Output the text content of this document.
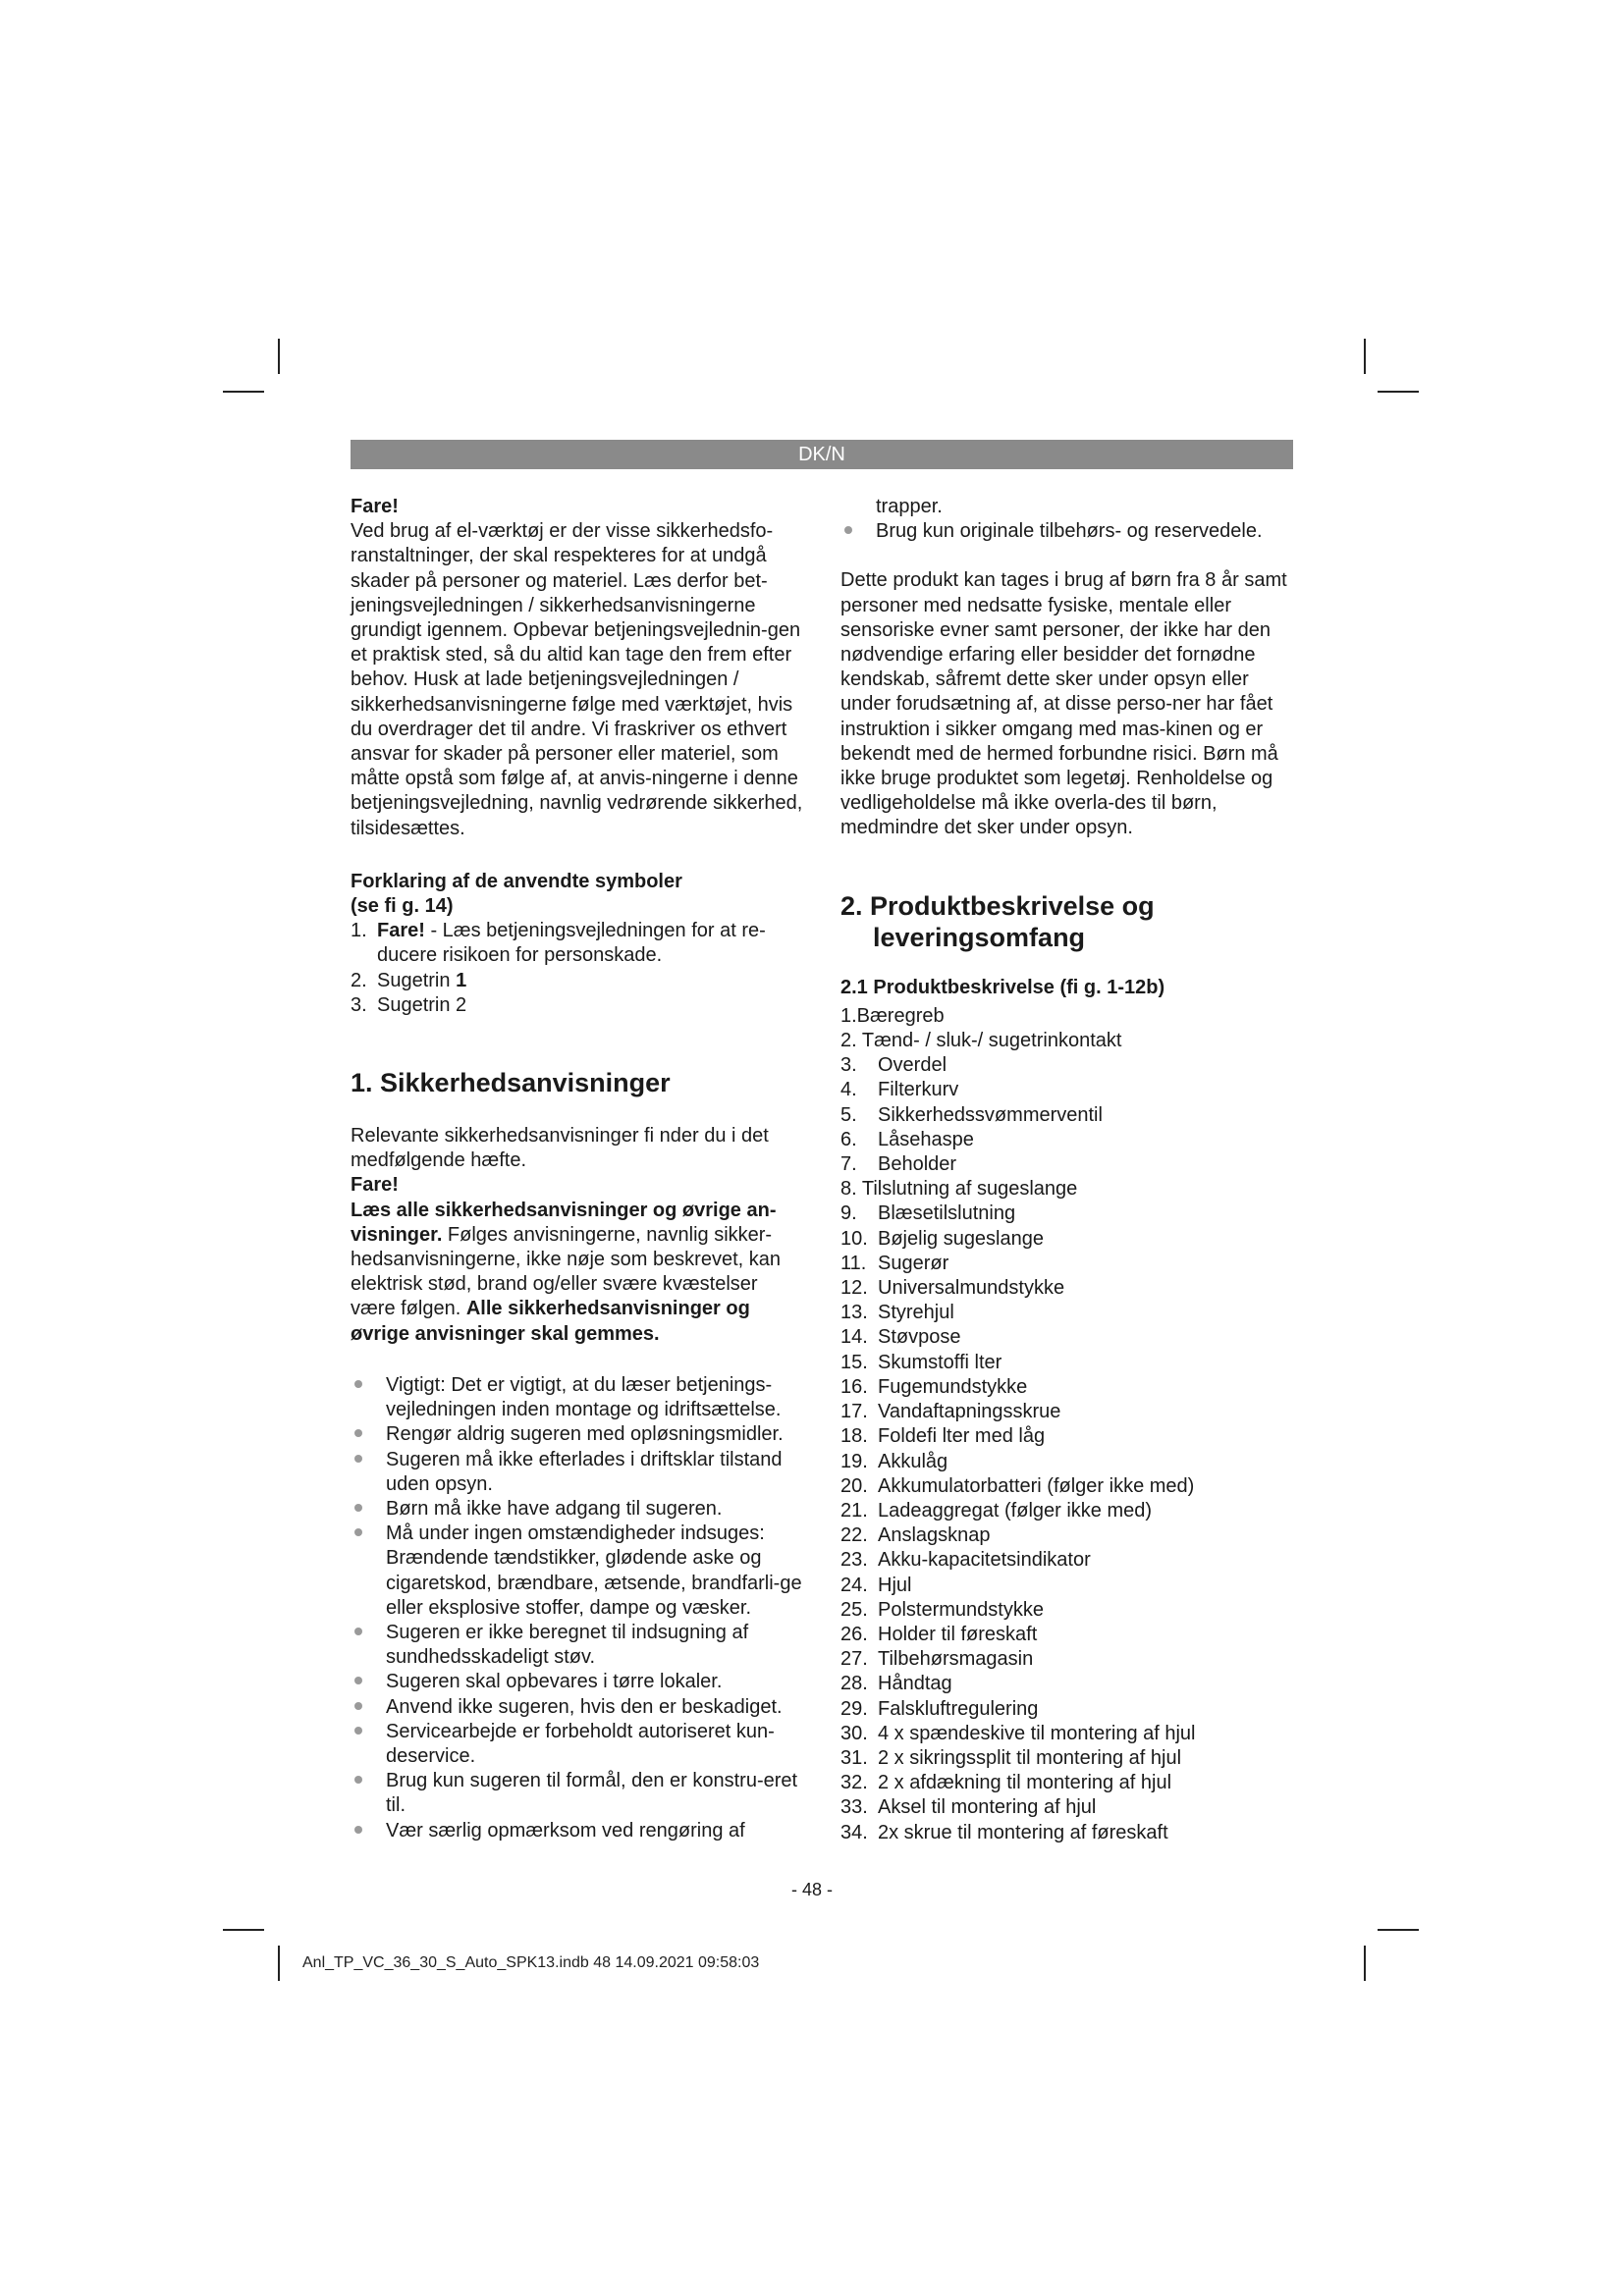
DK/N

Fare!

Ved brug af el-værktøj er der visse sikkerhedsfo-ranstaltninger, der skal respekteres for at undgå skader på personer og materiel. Læs derfor bet-jeningsvejledningen / sikkerhedsanvisningerne grundigt igennem. Opbevar betjeningsvejlednin-gen et praktisk sted, så du altid kan tage den frem efter behov. Husk at lade betjeningsvejledningen / sikkerhedsanvisningerne følge med værktøjet, hvis du overdrager det til andre. Vi fraskriver os ethvert ansvar for skader på personer eller materiel, som måtte opstå som følge af, at anvis-ningerne i denne betjeningsvejledning, navnlig vedrørende sikkerhed, tilsidesættes.

Forklaring af de anvendte symboler
(se fi g. 14)

1. Fare! - Læs betjeningsvejledningen for at re-ducere risikoen for personskade.
2. Sugetrin 1
3. Sugetrin 2
1. Sikkerhedsanvisninger

Relevante sikkerhedsanvisninger fi nder du i det medfølgende hæfte.

Fare!

Læs alle sikkerhedsanvisninger og øvrige an-visninger. Følges anvisningerne, navnlig sikker-hedsanvisningerne, ikke nøje som beskrevet, kan elektrisk stød, brand og/eller svære kvæstelser være følgen. Alle sikkerhedsanvisninger og øvrige anvisninger skal gemmes.

Vigtigt: Det er vigtigt, at du læser betjenings-vejledningen inden montage og idriftsættelse.
Rengør aldrig sugeren med opløsningsmidler.
Sugeren må ikke efterlades i driftsklar tilstand uden opsyn.
Børn må ikke have adgang til sugeren.
Må under ingen omstændigheder indsuges: Brændende tændstikker, glødende aske og cigaretskod, brændbare, ætsende, brandfarli-ge eller eksplosive stoffer, dampe og væsker.
Sugeren er ikke beregnet til indsugning af sundhedsskadeligt støv.
Sugeren skal opbevares i tørre lokaler.
Anvend ikke sugeren, hvis den er beskadiget.
Servicearbejde er forbeholdt autoriseret kun-deservice.
Brug kun sugeren til formål, den er konstru-eret til.
Vær særlig opmærksom ved rengøring af

trapper.

Brug kun originale tilbehørs- og reservedele.

Dette produkt kan tages i brug af børn fra 8 år samt personer med nedsatte fysiske, mentale eller sensoriske evner samt personer, der ikke har den nødvendige erfaring eller besidder det fornødne kendskab, såfremt dette sker under opsyn eller under forudsætning af, at disse perso-ner har fået instruktion i sikker omgang med mas-kinen og er bekendt med de hermed forbundne risici. Børn må ikke bruge produktet som legetøj. Renholdelse og vedligeholdelse må ikke overla-des til børn, medmindre det sker under opsyn.

2. Produktbeskrivelse og
leveringsomfang

2.1 Produktbeskrivelse (fi g. 1-12b)

1.Bæregreb
2. Tænd- / sluk-/ sugetrinkontakt
3. Overdel
4. Filterkurv
5. Sikkerhedssvømmerventil
6. Låsehaspe
7. Beholder
8. Tilslutning af sugeslange
9. Blæsetilslutning
10. Bøjelig sugeslange
11. Sugerør
12. Universalmundstykke
13. Styrehjul
14. Støvpose
15. Skumstoffi lter
16. Fugemundstykke
17. Vandaftapningsskrue
18. Foldefi lter med låg
19. Akkulåg
20. Akkumulatorbatteri (følger ikke med)
21. Ladeaggregat (følger ikke med)
22. Anslagsknap
23. Akku-kapacitetsindikator
24. Hjul
25. Polstermundstykke
26. Holder til føreskaft
27. Tilbehørsmagasin
28. Håndtag
29. Falskluftregulering
30. 4 x spændeskive til montering af hjul
31. 2 x sikringssplit til montering af hjul
32. 2 x afdækning til montering af hjul
33. Aksel til montering af hjul
34. 2x skrue til montering af føreskaft
- 48 -
Anl_TP_VC_36_30_S_Auto_SPK13.indb 48 14.09.2021 09:58:03
